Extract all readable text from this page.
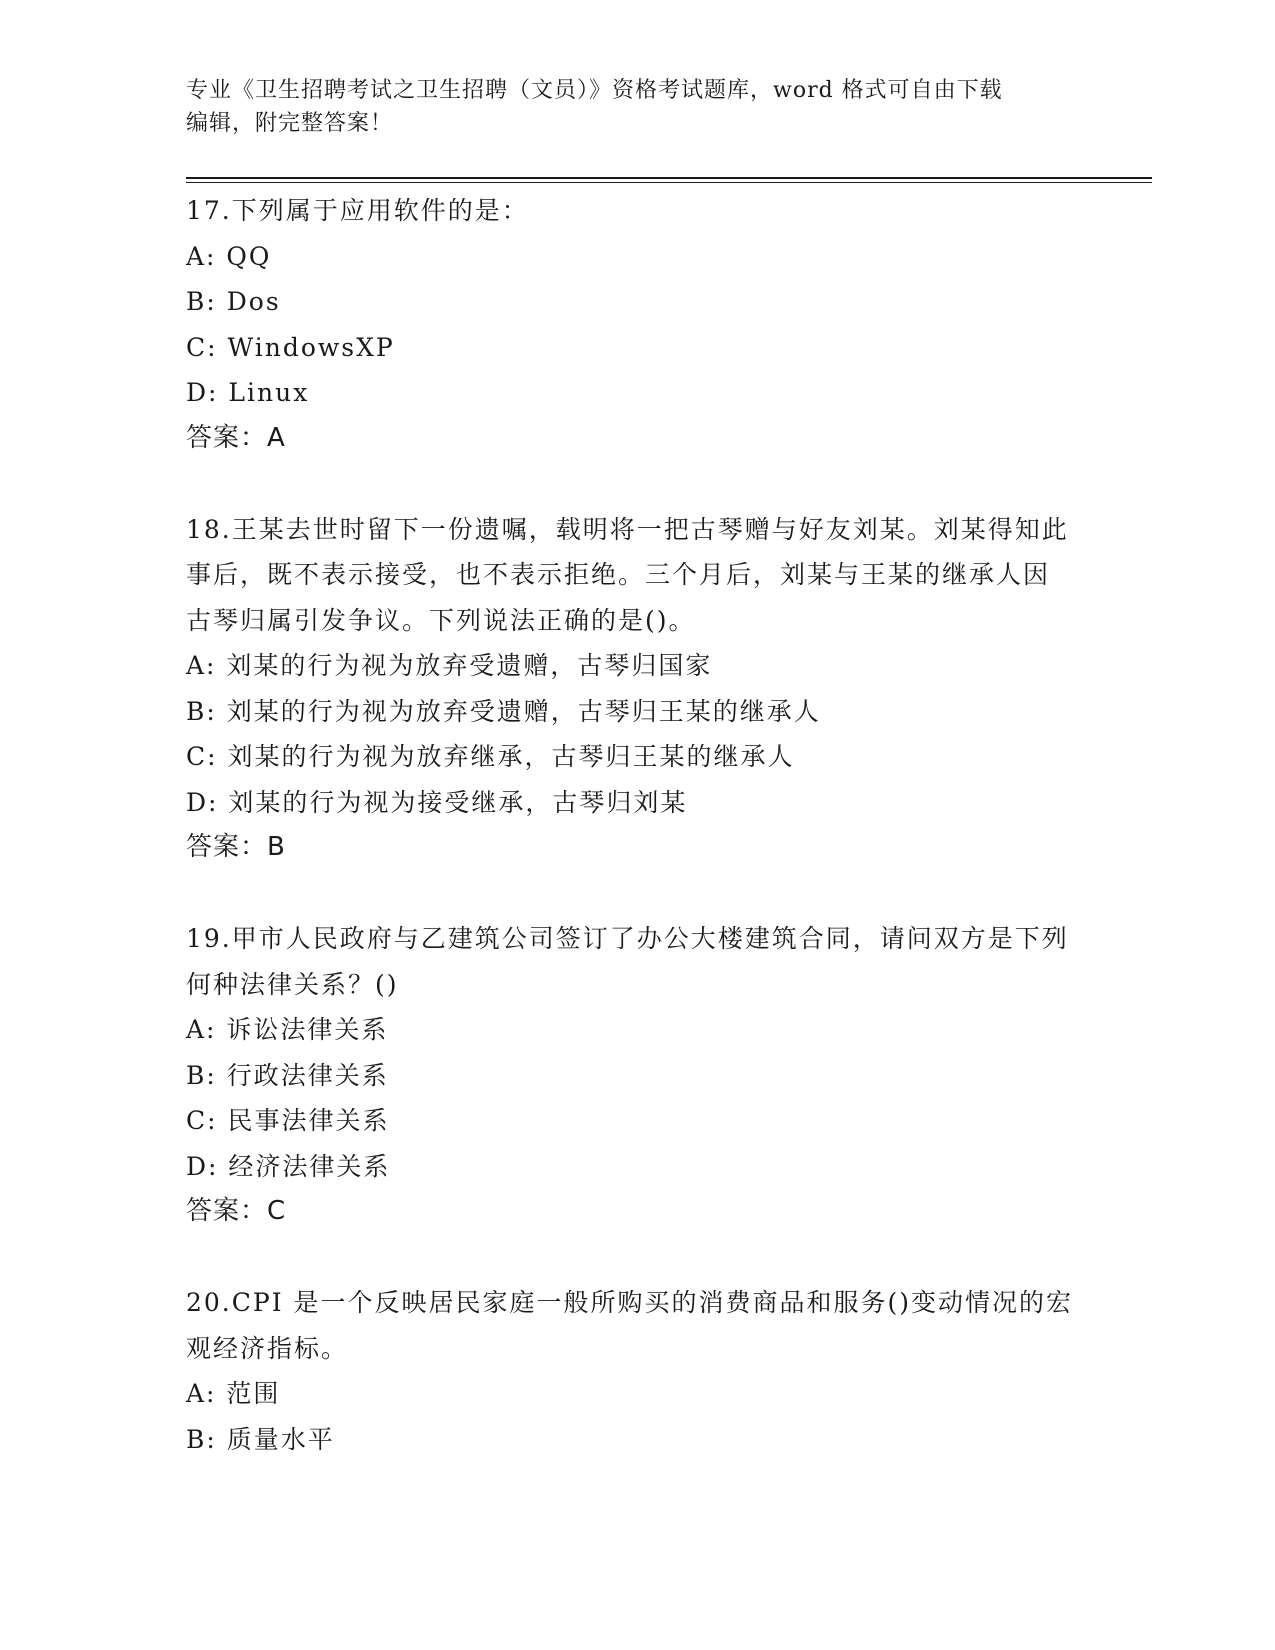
专业《卫生招聘考试之卫生招聘（文员）》资格考试题库，word 格式可自由下载
编辑，附完整答案！
17.下列属于应用软件的是：
A: QQ
B: Dos
C: WindowsXP
D: Linux
答案：A
18.王某去世时留下一份遗嘱，载明将一把古琴赠与好友刘某。刘某得知此事后，既不表示接受，也不表示拒绝。三个月后，刘某与王某的继承人因古琴归属引发争议。下列说法正确的是()。
A: 刘某的行为视为放弃受遗赠，古琴归国家
B: 刘某的行为视为放弃受遗赠，古琴归王某的继承人
C: 刘某的行为视为放弃继承，古琴归王某的继承人
D: 刘某的行为视为接受继承，古琴归刘某
答案：B
19.甲市人民政府与乙建筑公司签订了办公大楼建筑合同，请问双方是下列何种法律关系？()
A: 诉讼法律关系
B: 行政法律关系
C: 民事法律关系
D: 经济法律关系
答案：C
20.CPI 是一个反映居民家庭一般所购买的消费商品和服务()变动情况的宏观经济指标。
A: 范围
B: 质量水平
